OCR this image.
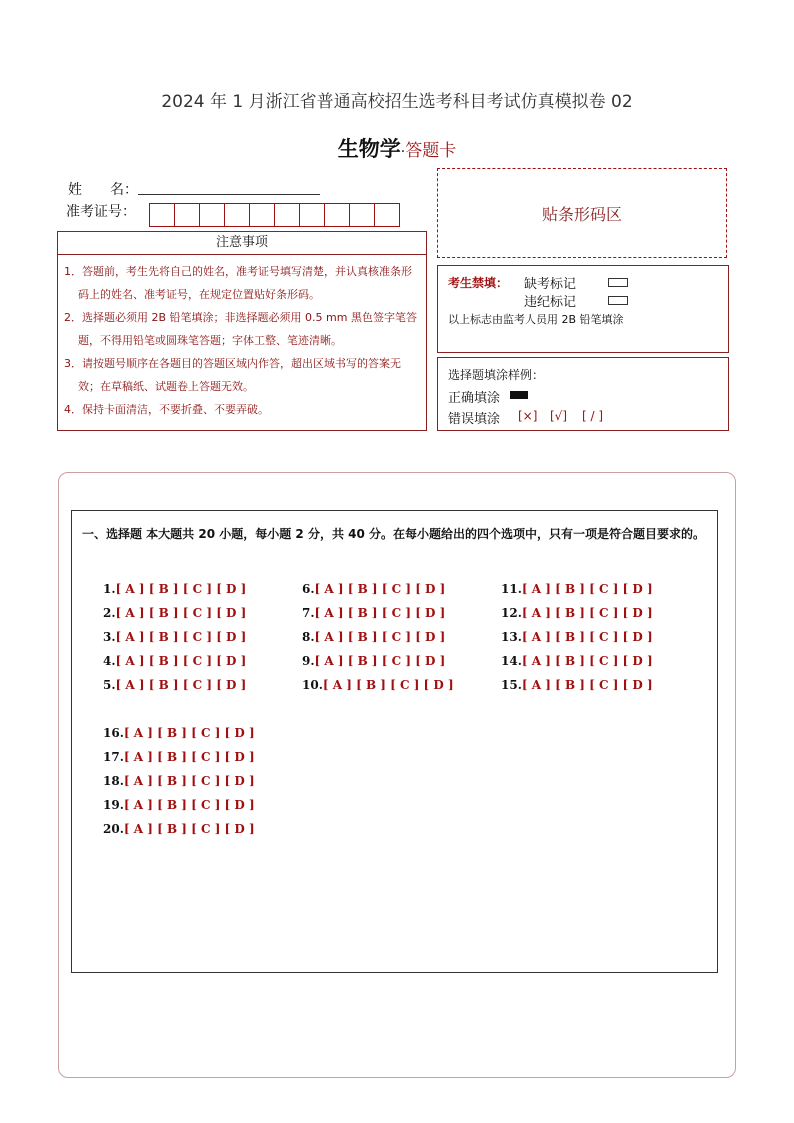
2024 年 1 月浙江省普通高校招生选考科目考试仿真模拟卷 02
生物学·答题卡
姓　　名：
准考证号：	贴条形码区
注意事项
1．答题前，考生先将自己的姓名，准考证号填写清楚，并认真核准条形码上的姓名、准考证号，在规定位置贴好条形码。
2．选择题必须用 2B 铅笔填涂；非选择题必须用 0.5 mm 黑色签字笔答题，不得用铅笔或圆珠笔答题；字体工整、笔迹清晰。
3．请按题号顺序在各题目的答题区域内作答，超出区域书写的答案无效；在草稿纸、试题卷上答题无效。
4．保持卡面清洁，不要折叠、不要弄破。
考生禁填： 缺考标记
违纪标记
以上标志由监考人员用 2B 铅笔填涂
选择题填涂样例：
正确填涂
错误填涂 [×] [√] [ / ]
一、选择题 本大题共 20 小题，每小题 2 分，共 40 分。在每小题给出的四个选项中，只有一项是符合题目要求的。
1.[ A ] [ B ] [ C ] [ D ]
2.[ A ] [ B ] [ C ] [ D ]
3.[ A ] [ B ] [ C ] [ D ]
4.[ A ] [ B ] [ C ] [ D ]
5.[ A ] [ B ] [ C ] [ D ]
6.[ A ] [ B ] [ C ] [ D ]
7.[ A ] [ B ] [ C ] [ D ]
8.[ A ] [ B ] [ C ] [ D ]
9.[ A ] [ B ] [ C ] [ D ]
10.[ A ] [ B ] [ C ] [ D ]
11.[ A ] [ B ] [ C ] [ D ]
12.[ A ] [ B ] [ C ] [ D ]
13.[ A ] [ B ] [ C ] [ D ]
14.[ A ] [ B ] [ C ] [ D ]
15.[ A ] [ B ] [ C ] [ D ]
16.[ A ] [ B ] [ C ] [ D ]
17.[ A ] [ B ] [ C ] [ D ]
18.[ A ] [ B ] [ C ] [ D ]
19.[ A ] [ B ] [ C ] [ D ]
20.[ A ] [ B ] [ C ] [ D ]
